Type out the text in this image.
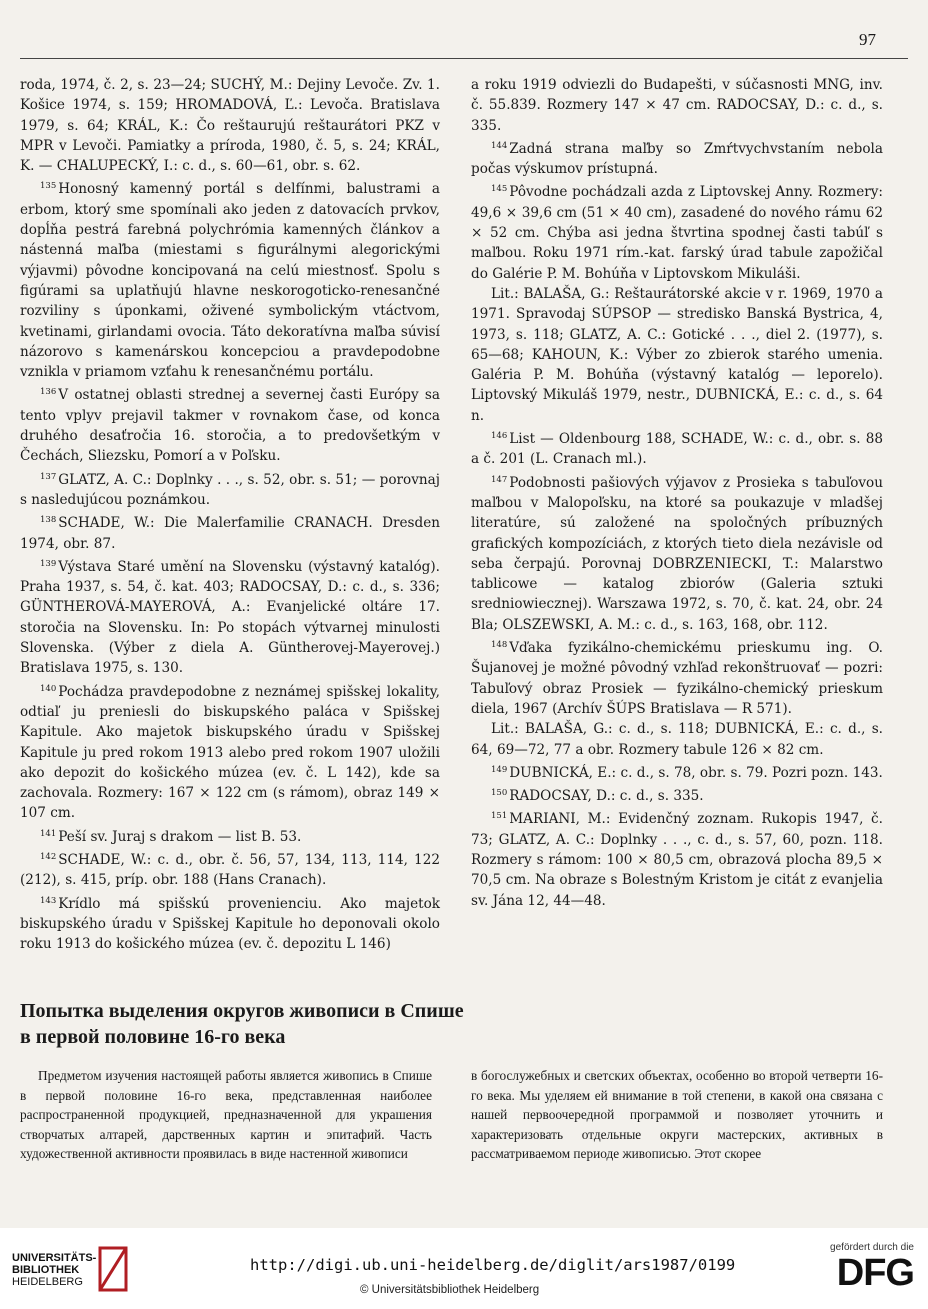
97

roda, 1974, č. 2, s. 23—24; SUCHÝ, M.: Dejiny Levoče. Zv. 1. Košice 1974, s. 159; HROMADOVÁ, Ľ.: Levoča. Bratislava 1979, s. 64; KRÁL, K.: Čo reštaurujú reštaurátori PKZ v MPR v Levoči. Pamiatky a príroda, 1980, č. 5, s. 24; KRÁL, K. — CHALUPECKÝ, I.: c. d., s. 60—61, obr. s. 62.

$^{135}$ Honosný kamenný portál s delfínmi, balustrami a erbom, ktorý sme spomínali ako jeden z datovacích prvkov, dopĺňa pestrá farebná polychrómia kamenných článkov a nástenná maľba (miestami s figurálnymi alegorickými výjavmi) pôvodne koncipovaná na celú miestnosť. Spolu s figúrami sa uplatňujú hlavne neskorogoticko-renesančné rozviliny s úponkami, oživené symbolickým vtáctvom, kvetinami, girlandami ovocia. Táto dekoratívna maľba súvisí názorovo s kamenárskou koncepciou a pravdepodobne vznikla v priamom vzťahu k renesančnému portálu.

$^{136}$ V ostatnej oblasti strednej a severnej časti Európy sa tento vplyv prejavil takmer v rovnakom čase, od konca druhého desaťročia 16. storočia, a to predovšetkým v Čechách, Sliezsku, Pomorí a v Poľsku.

$^{137}$ GLATZ, A. C.: Doplnky . . ., s. 52, obr. s. 51; — porovnaj s nasledujúcou poznámkou.

$^{138}$ SCHADE, W.: Die Malerfamilie CRANACH. Dresden 1974, obr. 87.

$^{139}$ Výstava Staré umění na Slovensku (výstavný katalóg). Praha 1937, s. 54, č. kat. 403; RADOCSAY, D.: c. d., s. 336; GÜNTHEROVÁ-MAYEROVÁ, A.: Evanjelické oltáre 17. storočia na Slovensku. In: Po stopách výtvarnej minulosti Slovenska. (Výber z diela A. Güntherovej-Mayerovej.) Bratislava 1975, s. 130.

$^{140}$ Pochádza pravdepodobne z neznámej spišskej lokality, odtiaľ ju preniesli do biskupského paláca v Spišskej Kapitule. Ako majetok biskupského úradu v Spišskej Kapitule ju pred rokom 1913 alebo pred rokom 1907 uložili ako depozit do košického múzea (ev. č. L 142), kde sa zachovala. Rozmery: 167 × 122 cm (s rámom), obraz 149 × 107 cm.

$^{141}$ Peší sv. Juraj s drakom — list B. 53.

$^{142}$ SCHADE, W.: c. d., obr. č. 56, 57, 134, 113, 114, 122 (212), s. 415, príp. obr. 188 (Hans Cranach).

$^{143}$ Krídlo má spišskú provenienciu. Ako majetok biskupského úradu v Spišskej Kapitule ho deponovali okolo roku 1913 do košického múzea (ev. č. depozitu L 146)

a roku 1919 odviezli do Budapešti, v súčasnosti MNG, inv. č. 55.839. Rozmery 147 × 47 cm. RADOCSAY, D.: c. d., s. 335.

$^{144}$ Zadná strana maľby so Zmŕtvychvstaním nebola počas výskumov prístupná.

$^{145}$ Pôvodne pochádzali azda z Liptovskej Anny. Rozmery: 49,6 × 39,6 cm (51 × 40 cm), zasadené do nového rámu 62 × 52 cm. Chýba asi jedna štvrtina spodnej časti tabúľ s maľbou. Roku 1971 rím.-kat. farský úrad tabule zapožičal do Galérie P. M. Bohúňa v Liptovskom Mikuláši.

Lit.: BALAŠA, G.: Reštaurátorské akcie v r. 1969, 1970 a 1971. Spravodaj SÚPSOP — stredisko Banská Bystrica, 4, 1973, s. 118; GLATZ, A. C.: Gotické . . ., diel 2. (1977), s. 65—68; KAHOUN, K.: Výber zo zbierok starého umenia. Galéria P. M. Bohúňa (výstavný katalóg — leporelo). Liptovský Mikuláš 1979, nestr., DUBNICKÁ, E.: c. d., s. 64 n.

$^{146}$ List — Oldenbourg 188, SCHADE, W.: c. d., obr. s. 88 a č. 201 (L. Cranach ml.).

$^{147}$ Podobnosti pašiových výjavov z Prosieka s tabuľovou maľbou v Malopoľsku, na ktoré sa poukazuje v mladšej literatúre, sú založené na spoločných príbuzných grafických kompozíciách, z ktorých tieto diela nezávisle od seba čerpajú. Porovnaj DOBRZENIECKI, T.: Malarstwo tablicowe — katalog zbiorów (Galeria sztuki sredniowiecznej). Warszawa 1972, s. 70, č. kat. 24, obr. 24 Bla; OLSZEWSKI, A. M.: c. d., s. 163, 168, obr. 112.

$^{148}$ Vďaka fyzikálno-chemickému prieskumu ing. O. Šujanovej je možné pôvodný vzhľad rekonštruovať — pozri: Tabuľový obraz Prosiek — fyzikálno-chemický prieskum diela, 1967 (Archív ŠÚPS Bratislava — R 571).

Lit.: BALAŠA, G.: c. d., s. 118; DUBNICKÁ, E.: c. d., s. 64, 69—72, 77 a obr. Rozmery tabule 126 × 82 cm.

$^{149}$ DUBNICKÁ, E.: c. d., s. 78, obr. s. 79. Pozri pozn. 143.

$^{150}$ RADOCSAY, D.: c. d., s. 335.

$^{151}$ MARIANI, M.: Evidenčný zoznam. Rukopis 1947, č. 73; GLATZ, A. C.: Doplnky . . ., c. d., s. 57, 60, pozn. 118. Rozmery s rámom: 100 × 80,5 cm, obrazová plocha 89,5 × 70,5 cm. Na obraze s Bolestným Kristom je citát z evanjelia sv. Jána 12, 44—48.

Попытка выделения округов живописи в Спише
в первой половине 16-го века

Предметом изучения настоящей работы является живопись в Спише в первой половине 16-го века, представленная наиболее распространенной продукцией, предназначенной для украшения створчатых алтарей, дарственных картин и эпитафий. Часть художественной активности проявилась в виде настенной живописи

в богослужебных и светских объектах, особенно во второй четверти 16-го века. Мы уделяем ей внимание в той степени, в какой она связана с нашей первоочередной программой и позволяет уточнить и характеризовать отдельные округи мастерских, активных в рассматриваемом периоде живописью. Этот скорее

UNIVERSITÄTS-
BIBLIOTHEK
HEIDELBERG
http://digi.ub.uni-heidelberg.de/diglit/ars1987/0199
© Universitätsbibliothek Heidelberg
gefördert durch die
DFG
